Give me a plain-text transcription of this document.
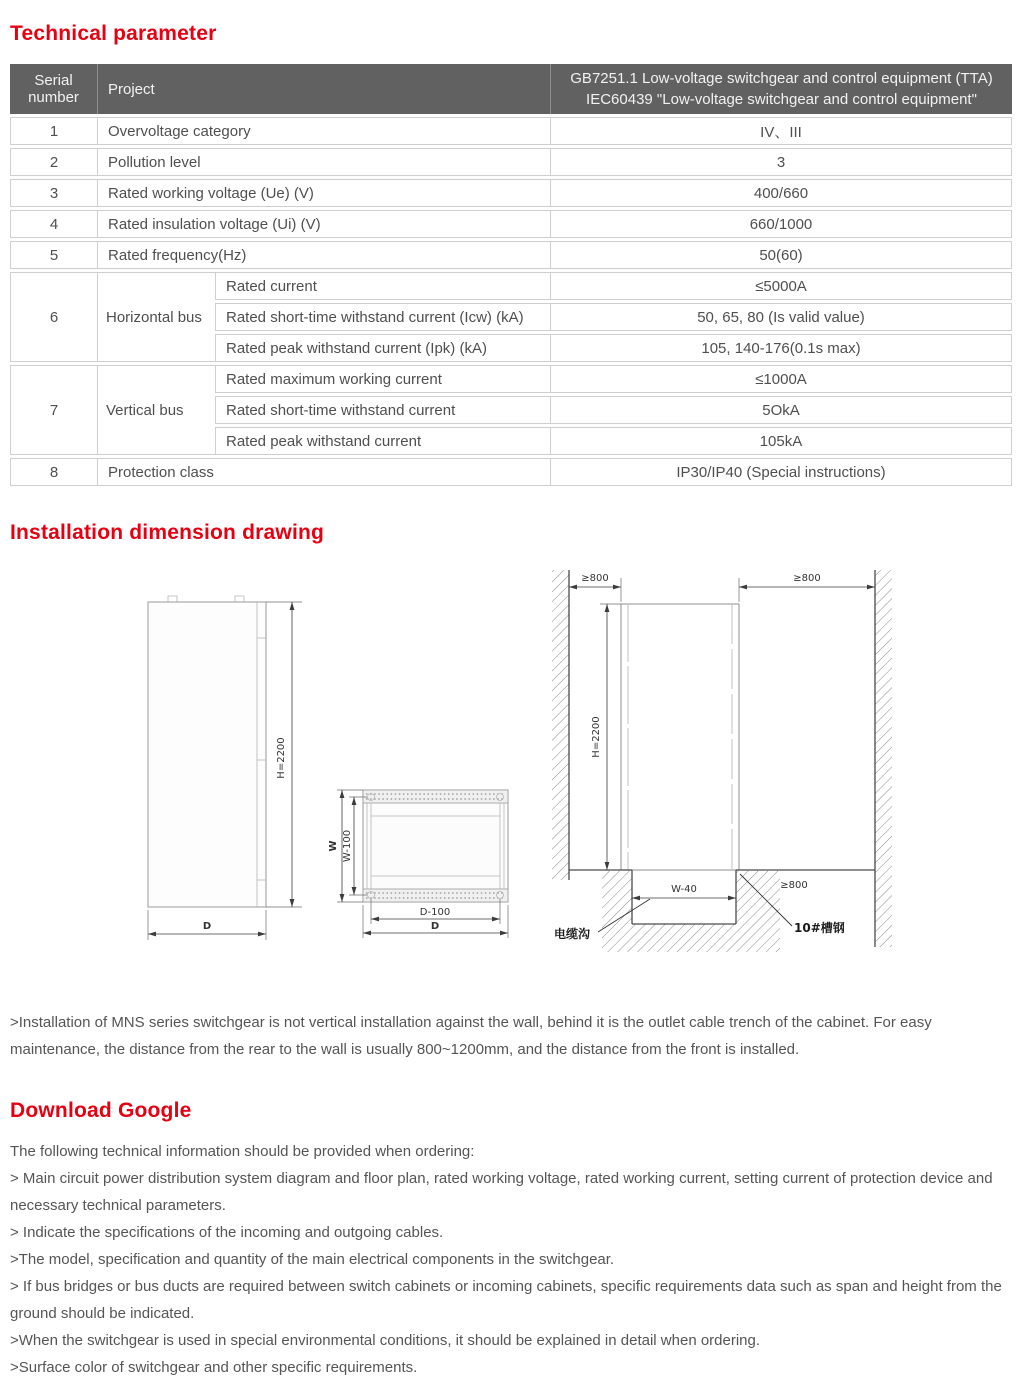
Technical parameter
Serial number	Project		GB7251.1 Low-voltage switchgear and control equipment (TTA)
IEC60439 "Low-voltage switchgear and control equipment"

1	Overvoltage category		IV、III
2	Pollution level		3
3	Rated working voltage (Ue) (V)		400/660
4	Rated insulation voltage (Ui) (V)		660/1000
5	Rated frequency(Hz)		50(60)
6	Horizontal bus	Rated current	≤5000A
		Rated short-time withstand current (Icw) (kA)	50, 65, 80 (Is valid value)
		Rated peak withstand current (Ipk) (kA)	105, 140-176(0.1s max)
7	Vertical bus	Rated maximum working current	≤1000A
		Rated short-time withstand current	5OkA
		Rated peak withstand current	105kA
8	Protection class		IP30/IP40 (Special instructions)
Installation dimension drawing
H=2200
D
W W-100
D-100
D
≥800	≥800
H=2200
W-40	≥800
电缆沟	10#槽钢

>Installation of MNS series switchgear is not vertical installation against the wall, behind it is the outlet cable trench of the cabinet. For easy maintenance, the distance from the rear to the wall is usually 800~1200mm, and the distance from the front is installed.

Download Google

The following technical information should be provided when ordering:

> Main circuit power distribution system diagram and floor plan, rated working voltage, rated working current, setting current of protection device and necessary technical parameters.

> Indicate the specifications of the incoming and outgoing cables.

>The model, specification and quantity of the main electrical components in the switchgear.

> If bus bridges or bus ducts are required between switch cabinets or incoming cabinets, specific requirements data such as span and height from the ground should be indicated.

>When the switchgear is used in special environmental conditions, it should be explained in detail when ordering.

>Surface color of switchgear and other specific requirements.
